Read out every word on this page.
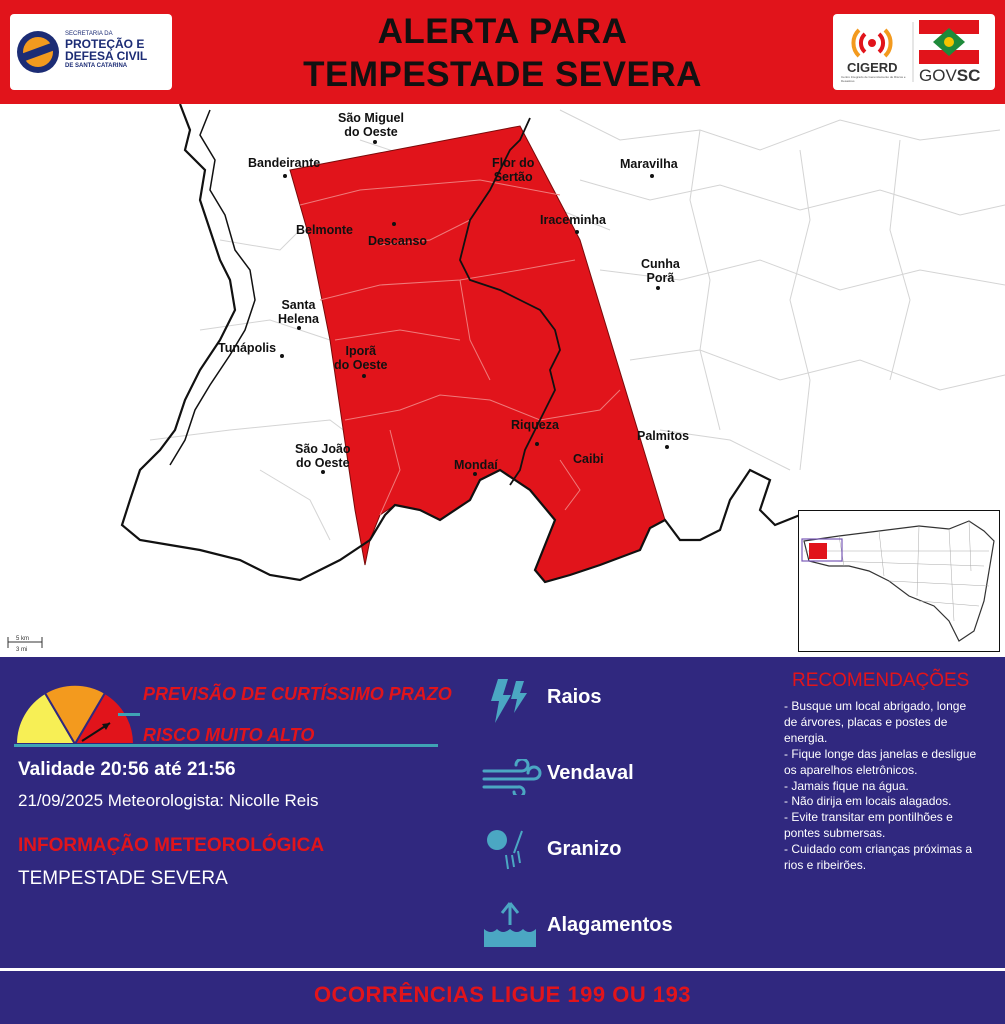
SECRETARIA DA
PROTEÇÃO E
DEFESA CIVIL
DE SANTA CATARINA
ALERTA PARA
TEMPESTADE SEVERA	CIGERD
Centro Integrado de Gerenciamento de Riscos e Desastres	GOVSC
5 km
3 mi
São Miguel
do Oeste
Bandeirante	Flor do
Sertão
Maravilha
Iraceminha
Belmonte
Descanso
Cunha
Porã
Santa
Helena
Tunápolis	Iporã
do Oeste
Riqueza
Palmitos
São João
do Oeste	Mondaí	Caibi
PREVISÃO DE CURTÍSSIMO PRAZO
RISCO MUITO ALTO
Validade 20:56 até 21:56
21/09/2025 Meteorologista: Nicolle Reis
INFORMAÇÃO METEOROLÓGICA
TEMPESTADE SEVERA
Raios
Vendaval
Granizo
Alagamentos
RECOMENDAÇÕES

- Busque um local abrigado, longe

de árvores, placas e postes de

energia.

- Fique longe das janelas e desligue

os aparelhos eletrônicos.

- Jamais fique na água.

- Não dirija em locais alagados.

- Evite transitar em pontilhões e

pontes submersas.

- Cuidado com crianças próximas a

rios e ribeirões.

OCORRÊNCIAS LIGUE 199 OU 193
